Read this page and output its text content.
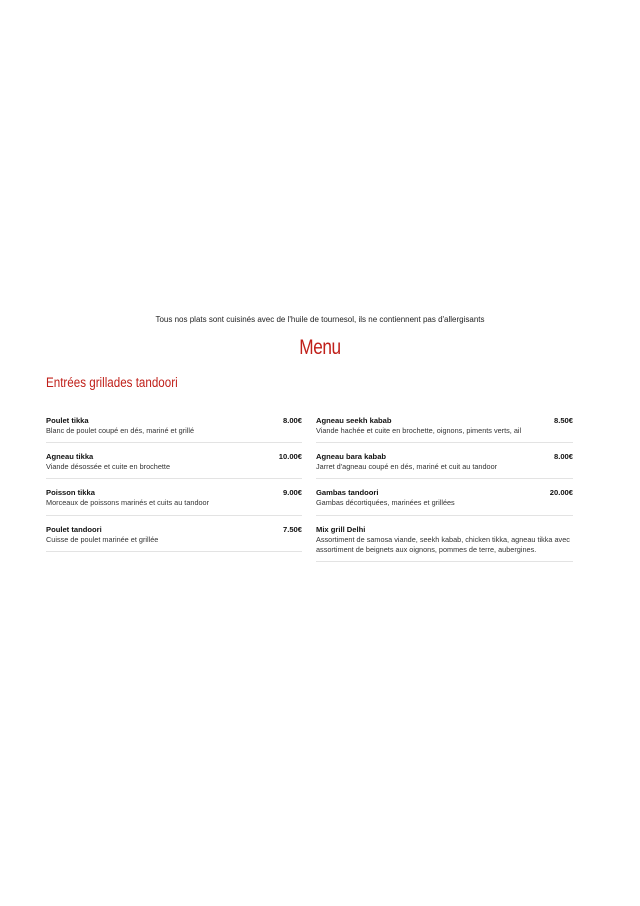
Tous nos plats sont cuisinés avec de l'huile de tournesol, ils ne contiennent pas d'allergisants
Menu
Entrées grillades tandoori
Poulet tikka	8.00€
Blanc de poulet coupé en dés, mariné et grillé
Agneau tikka	10.00€
Viande désossée et cuite en brochette
Poisson tikka	9.00€
Morceaux de poissons marinés et cuits au tandoor
Poulet tandoori	7.50€
Cuisse de poulet marinée et grillée
Agneau seekh kabab	8.50€
Viande hachée et cuite en brochette, oignons, piments verts, ail
Agneau bara kabab	8.00€
Jarret d'agneau coupé en dés, mariné et cuit au tandoor
Gambas tandoori	20.00€
Gambas décortiquées, marinées et grillées
Mix grill Delhi
Assortiment de samosa viande, seekh kabab, chicken tikka, agneau tikka avec assortiment de beignets aux oignons, pommes de terre, aubergines.
